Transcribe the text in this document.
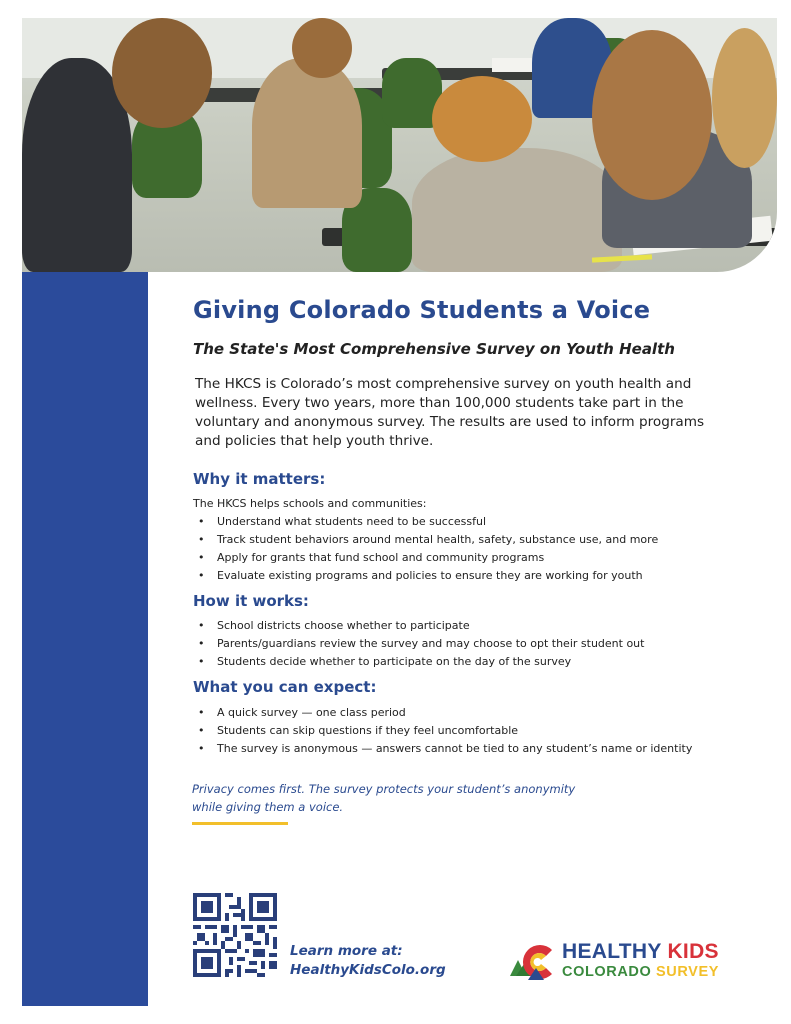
Giving Colorado Students a Voice
The State's Most Comprehensive Survey on Youth Health

The HKCS is Colorado’s most comprehensive survey on youth health and wellness. Every two years, more than 100,000 students take part in the voluntary and anonymous survey. The results are used to inform programs and policies that help youth thrive.

Why it matters:

The HKCS helps schools and communities:

• Understand what students need to be successful
• Track student behaviors around mental health, safety, substance use, and more
• Apply for grants that fund school and community programs
• Evaluate existing programs and policies to ensure they are working for youth
How it works:
• School districts choose whether to participate
• Parents/guardians review the survey and may choose to opt their student out
• Students decide whether to participate on the day of the survey
What you can expect:
• A quick survey — one class period
• Students can skip questions if they feel uncomfortable
• The survey is anonymous — answers cannot be tied to any student’s name or identity

Privacy comes first. The survey protects your student’s anonymity
while giving them a voice.

Learn more at:
HealthyKidsColo.org

HEALTHY KIDS
COLORADO SURVEY
